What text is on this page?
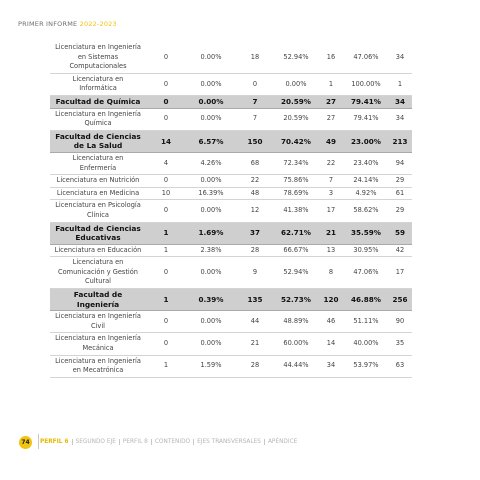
PRIMER INFORME 2022-2023
Licenciatura en Ingeniería en Sistemas Computacionales	0	0.00%	18	52.94%	16	47.06%	34
Licenciatura en Informática	0	0.00%	0	0.00%	1	100.00%	1
Facultad de Química	0	0.00%	7	20.59%	27	79.41%	34
Licenciatura en Ingeniería Química	0	0.00%	7	20.59%	27	79.41%	34
Facultad de Ciencias de La Salud	14	6.57%	150	70.42%	49	23.00%	213
Licenciatura en Enfermería	4	4.26%	68	72.34%	22	23.40%	94
Licenciatura en Nutrición	0	0.00%	22	75.86%	7	24.14%	29
Licenciatura en Medicina	10	16.39%	48	78.69%	3	4.92%	61
Licenciatura en Psicología Clínica	0	0.00%	12	41.38%	17	58.62%	29
Facultad de Ciencias Educativas	1	1.69%	37	62.71%	21	35.59%	59
Licenciatura en Educación	1	2.38%	28	66.67%	13	30.95%	42
Licenciatura en Comunicación y Gestión Cultural	0	0.00%	9	52.94%	8	47.06%	17
Facultad de Ingeniería	1	0.39%	135	52.73%	120	46.88%	256
Licenciatura en Ingeniería Civil	0	0.00%	44	48.89%	46	51.11%	90
Licenciatura en Ingeniería Mecánica	0	0.00%	21	60.00%	14	40.00%	35
Licenciatura en Ingeniería en Mecatrónica	1	1.59%	28	44.44%	34	53.97%	63
74	PERFIL 6	SEGUNDO EJE	PERFIL 8	CONTENIDO	EJES TRANSVERSALES	APÉNDICE
